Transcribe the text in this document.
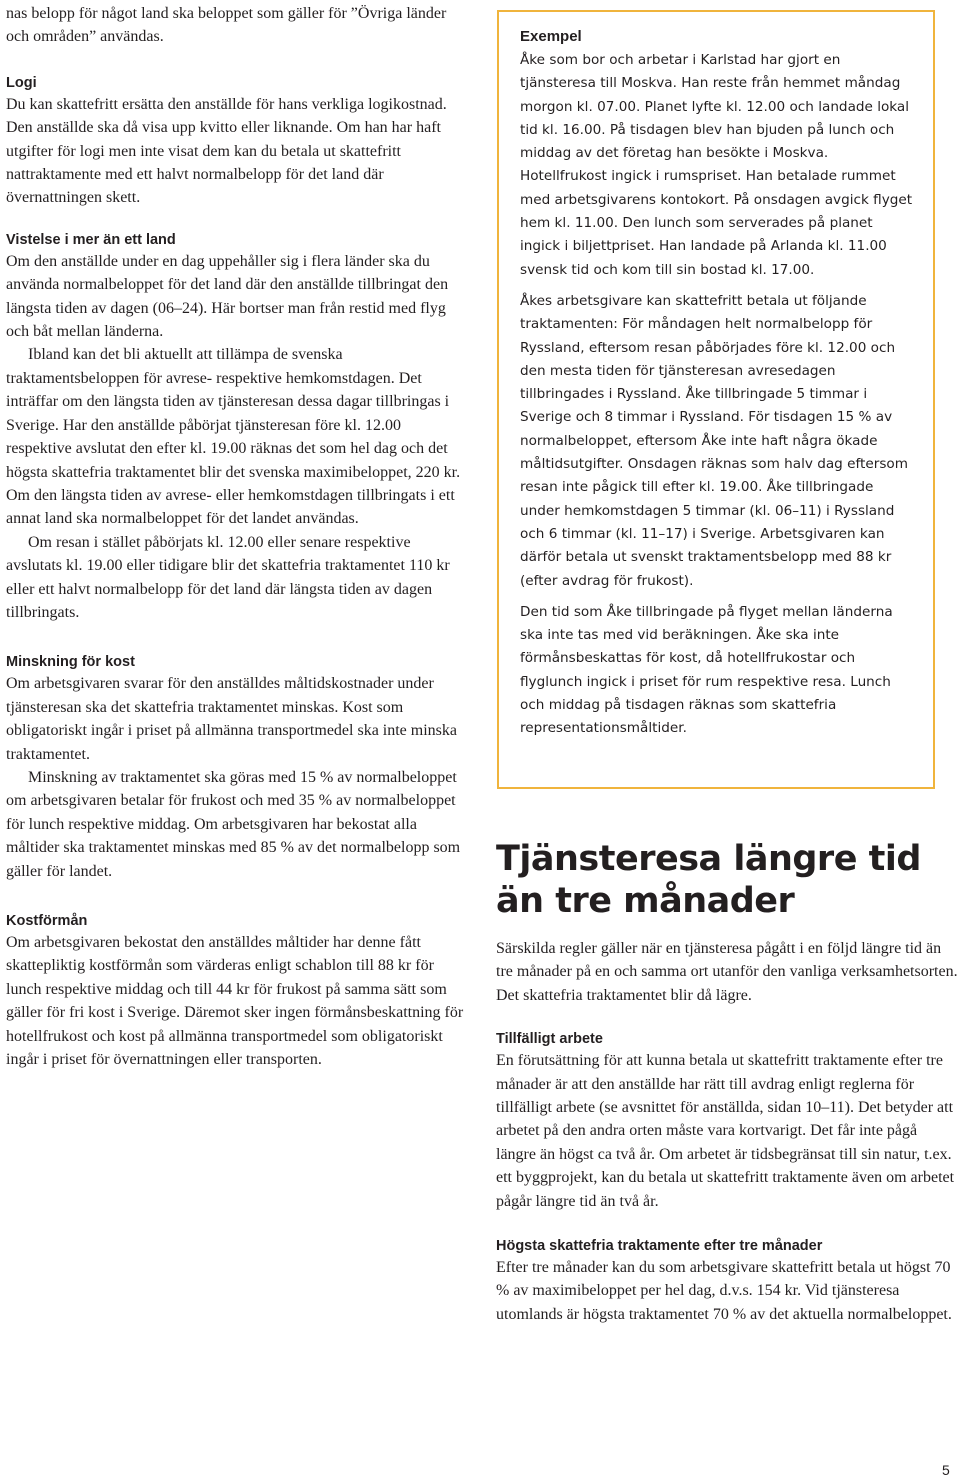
nas belopp för något land ska beloppet som gäller för ”Övriga länder och områden” användas.

Logi

Du kan skattefritt ersätta den anställde för hans verkliga logikostnad. Den anställde ska då visa upp kvitto eller liknande. Om han har haft utgifter för logi men inte visat dem kan du betala ut skattefritt nattraktamente med ett halvt normalbelopp för det land där övernattningen skett.

Vistelse i mer än ett land

Om den anställde under en dag uppehåller sig i flera länder ska du använda normalbeloppet för det land där den anställde tillbringat den längsta tiden av dagen (06–24). Här bortser man från restid med flyg och båt mellan länderna.

Ibland kan det bli aktuellt att tillämpa de svenska traktamentsbeloppen för avrese- respektive hemkomstdagen. Det inträffar om den längsta tiden av tjänsteresan dessa dagar tillbringas i Sverige. Har den anställde påbörjat tjänsteresan före kl. 12.00 respektive avslutat den efter kl. 19.00 räknas det som hel dag och det högsta skattefria traktamentet blir det svenska maximibeloppet, 220 kr. Om den längsta tiden av avrese- eller hemkomstdagen tillbringats i ett annat land ska normalbeloppet för det landet användas.

Om resan i stället påbörjats kl. 12.00 eller senare respektive avslutats kl. 19.00 eller tidigare blir det skattefria traktamentet 110 kr eller ett halvt normalbelopp för det land där längsta tiden av dagen tillbringats.

Minskning för kost

Om arbetsgivaren svarar för den anställdes måltidskostnader under tjänsteresan ska det skattefria traktamentet minskas. Kost som obligatoriskt ingår i priset på allmänna transportmedel ska inte minska traktamentet.

Minskning av traktamentet ska göras med 15 % av normalbeloppet om arbetsgivaren betalar för frukost och med 35 % av normalbeloppet för lunch respektive middag. Om arbetsgivaren har bekostat alla måltider ska traktamentet minskas med 85 % av det normalbelopp som gäller för landet.

Kostförmån

Om arbetsgivaren bekostat den anställdes måltider har denne fått skattepliktig kostförmån som värderas enligt schablon till 88 kr för lunch respektive middag och till 44 kr för frukost på samma sätt som gäller för fri kost i Sverige. Däremot sker ingen förmånsbeskattning för hotellfrukost och kost på allmänna transportmedel som obligatoriskt ingår i priset för övernattningen eller transporten.

Exempel

Åke som bor och arbetar i Karlstad har gjort en tjänsteresa till Moskva. Han reste från hemmet måndag morgon kl. 07.00. Planet lyfte kl. 12.00 och landade lokal tid kl. 16.00. På tisdagen blev han bjuden på lunch och middag av det företag han besökte i Moskva. Hotellfrukost ingick i rumspriset. Han betalade rummet med arbetsgivarens kontokort. På onsdagen avgick flyget hem kl. 11.00. Den lunch som serverades på planet ingick i biljettpriset. Han landade på Arlanda kl. 11.00 svensk tid och kom till sin bostad kl. 17.00.

Åkes arbetsgivare kan skattefritt betala ut följande traktamenten: För måndagen helt normalbelopp för Ryssland, eftersom resan påbörjades före kl. 12.00 och den mesta tiden för tjänsteresan avresedagen tillbringades i Ryssland. Åke tillbringade 5 timmar i Sverige och 8 timmar i Ryssland. För tisdagen 15 % av normalbeloppet, eftersom Åke inte haft några ökade måltidsutgifter. Onsdagen räknas som halv dag eftersom resan inte pågick till efter kl. 19.00. Åke tillbringade under hemkomstdagen 5 timmar (kl. 06–11) i Ryssland och 6 timmar (kl. 11–17) i Sverige. Arbetsgivaren kan därför betala ut svenskt traktamentsbelopp med 88 kr (efter avdrag för frukost).

Den tid som Åke tillbringade på flyget mellan länderna ska inte tas med vid beräkningen. Åke ska inte förmånsbeskattas för kost, då hotellfrukostar och flyglunch ingick i priset för rum respektive resa. Lunch och middag på tisdagen räknas som skattefria representationsmåltider.

Tjänsteresa längre tid än tre månader

Särskilda regler gäller när en tjänsteresa pågått i en följd längre tid än tre månader på en och samma ort utanför den vanliga verksamhetsorten. Det skattefria traktamentet blir då lägre.

Tillfälligt arbete

En förutsättning för att kunna betala ut skattefritt traktamente efter tre månader är att den anställde har rätt till avdrag enligt reglerna för tillfälligt arbete (se avsnittet för anställda, sidan 10–11). Det betyder att arbetet på den andra orten måste vara kortvarigt. Det får inte pågå längre än högst ca två år. Om arbetet är tidsbegränsat till sin natur, t.ex. ett byggprojekt, kan du betala ut skattefritt traktamente även om arbetet pågår längre tid än två år.

Högsta skattefria traktamente efter tre månader

Efter tre månader kan du som arbetsgivare skattefritt betala ut högst 70 % av maximibeloppet per hel dag, d.v.s. 154 kr. Vid tjänsteresa utomlands är högsta traktamentet 70 % av det aktuella normalbeloppet.

5
